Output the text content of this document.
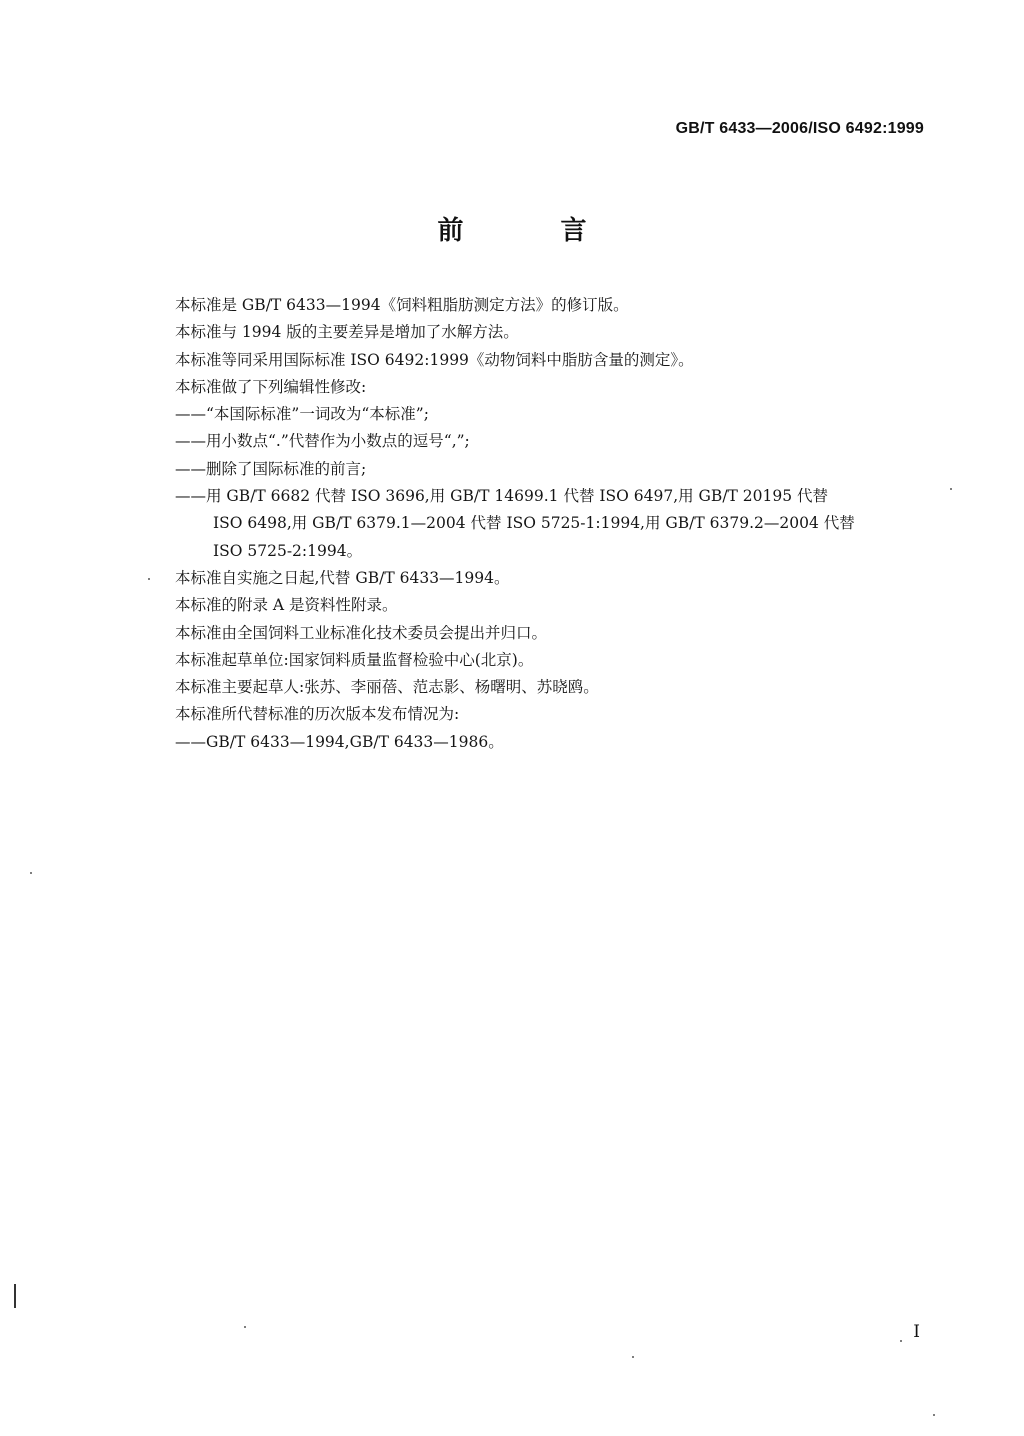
GB/T 6433—2006/ISO 6492:1999
前 言
本标准是 GB/T 6433—1994《饲料粗脂肪测定方法》的修订版。
本标准与 1994 版的主要差异是增加了水解方法。
本标准等同采用国际标准 ISO 6492:1999《动物饲料中脂肪含量的测定》。
本标准做了下列编辑性修改:
——“本国际标准”一词改为“本标准”;
——用小数点“.”代替作为小数点的逗号“,”;
——删除了国际标准的前言;
——用 GB/T 6682 代替 ISO 3696,用 GB/T 14699.1 代替 ISO 6497,用 GB/T 20195 代替
ISO 6498,用 GB/T 6379.1—2004 代替 ISO 5725-1:1994,用 GB/T 6379.2—2004 代替
ISO 5725-2:1994。
本标准自实施之日起,代替 GB/T 6433—1994。
本标准的附录 A 是资料性附录。
本标准由全国饲料工业标准化技术委员会提出并归口。
本标准起草单位:国家饲料质量监督检验中心(北京)。
本标准主要起草人:张苏、李丽蓓、范志影、杨曙明、苏晓鸥。
本标准所代替标准的历次版本发布情况为:
——GB/T 6433—1994,GB/T 6433—1986。
I
